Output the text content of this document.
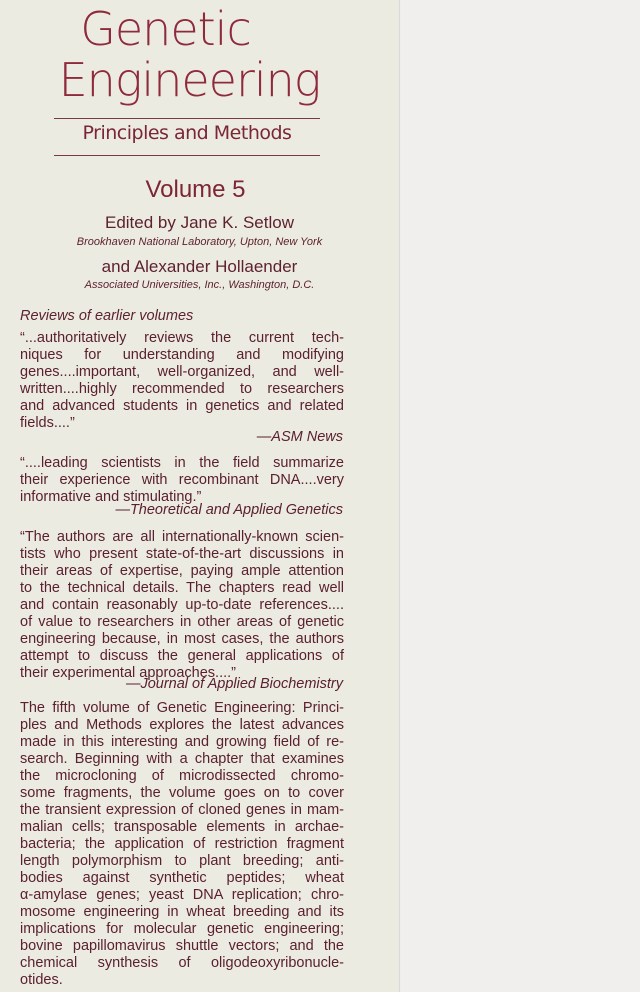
Genetic
Engineering
Principles and Methods
Volume 5
Edited by Jane K. Setlow
Brookhaven National Laboratory, Upton, New York
and Alexander Hollaender
Associated Universities, Inc., Washington, D.C.
Reviews of earlier volumes
“...authoritatively reviews the current tech-
niques for understanding and modifying
genes....important, well-organized, and well-
written....highly recommended to researchers
and advanced students in genetics and related
fields....”
—ASM News
“....leading scientists in the field summarize
their experience with recombinant DNA....very
informative and stimulating.”
—Theoretical and Applied Genetics
“The authors are all internationally-known scien-
tists who present state-of-the-art discussions in
their areas of expertise, paying ample attention
to the technical details. The chapters read well
and contain reasonably up-to-date references....
of value to researchers in other areas of genetic
engineering because, in most cases, the authors
attempt to discuss the general applications of
their experimental approaches....”
—Journal of Applied Biochemistry
The fifth volume of Genetic Engineering: Princi-
ples and Methods explores the latest advances
made in this interesting and growing field of re-
search. Beginning with a chapter that examines
the microcloning of microdissected chromo-
some fragments, the volume goes on to cover
the transient expression of cloned genes in mam-
malian cells; transposable elements in archae-
bacteria; the application of restriction fragment
length polymorphism to plant breeding; anti-
bodies against synthetic peptides; wheat
α-amylase genes; yeast DNA replication; chro-
mosome engineering in wheat breeding and its
implications for molecular genetic engineering;
bovine papillomavirus shuttle vectors; and the
chemical synthesis of oligodeoxyribonucle-
otides.
